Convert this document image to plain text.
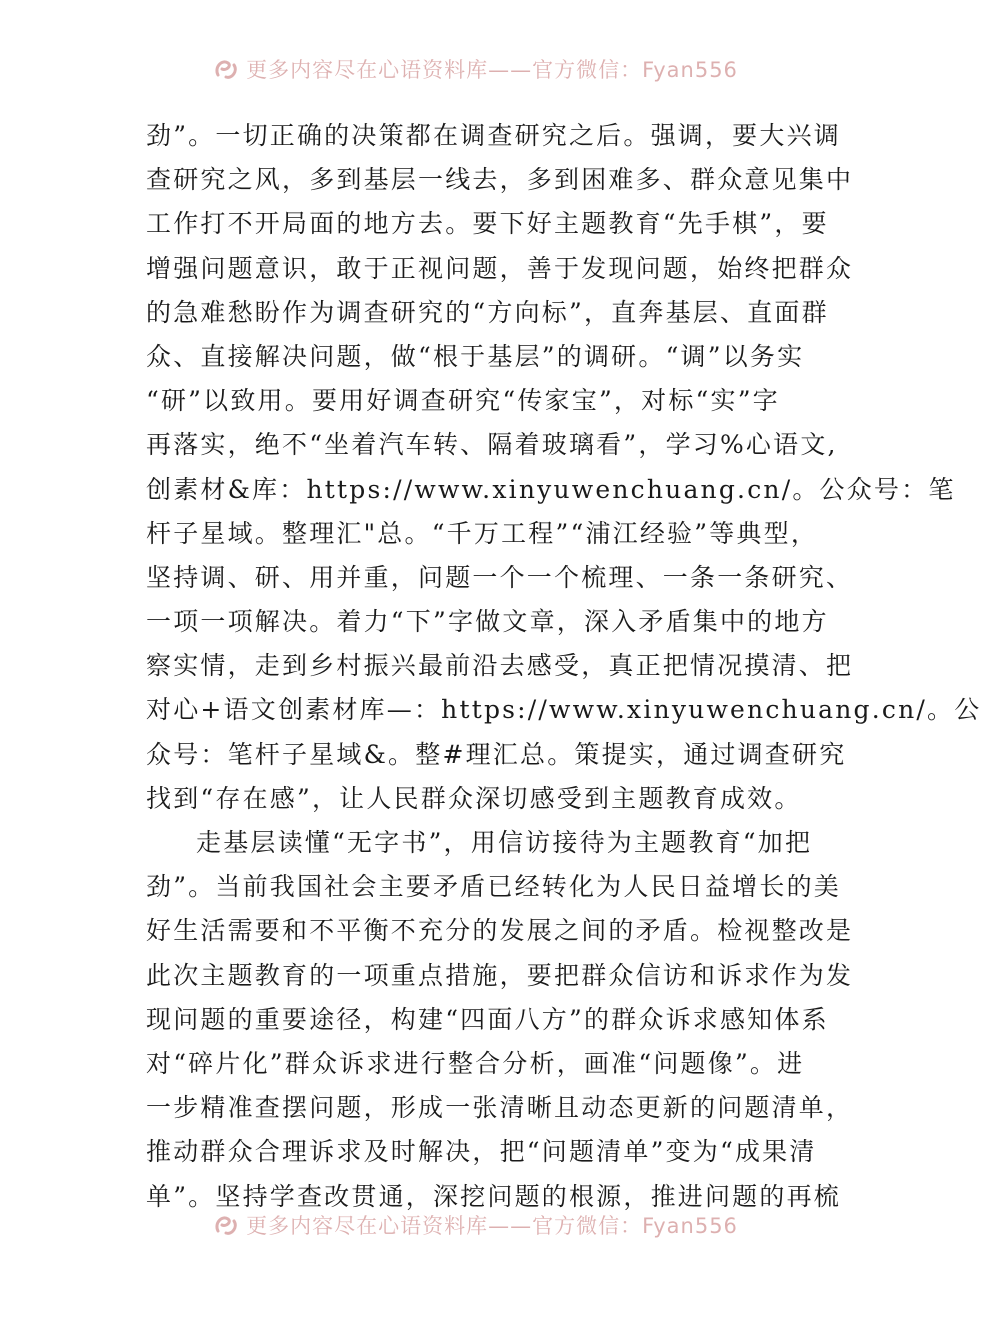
更多内容尽在心语资料库——官方微信：Fyan556
劲”。一切正确的决策都在调查研究之后。强调，要大兴调
查研究之风，多到基层一线去，多到困难多、群众意见集中
工作打不开局面的地方去。要下好主题教育“先手棋”，要
增强问题意识，敢于正视问题，善于发现问题，始终把群众
的急难愁盼作为调查研究的“方向标”，直奔基层、直面群
众、直接解决问题，做“根于基层”的调研。“调”以务实
“研”以致用。要用好调查研究“传家宝”，对标“实”字
再落实，绝不“坐着汽车转、隔着玻璃看”，学习%心语文,
创素材&库：https://www.xinyuwenchuang.cn/。公众号：笔
杆子星域。整理汇"总。“千万工程”“浦江经验”等典型，
坚持调、研、用并重，问题一个一个梳理、一条一条研究、
一项一项解决。着力“下”字做文章，深入矛盾集中的地方
察实情，走到乡村振兴最前沿去感受，真正把情况摸清、把
对心+语文创素材库—：https://www.xinyuwenchuang.cn/。公
众号：笔杆子星域&。整#理汇总。策提实，通过调查研究
找到“存在感”，让人民群众深切感受到主题教育成效。
走基层读懂“无字书”，用信访接待为主题教育“加把
劲”。当前我国社会主要矛盾已经转化为人民日益增长的美
好生活需要和不平衡不充分的发展之间的矛盾。检视整改是
此次主题教育的一项重点措施，要把群众信访和诉求作为发
现问题的重要途径，构建“四面八方”的群众诉求感知体系
对“碎片化”群众诉求进行整合分析，画准“问题像”。进
一步精准查摆问题，形成一张清晰且动态更新的问题清单，
推动群众合理诉求及时解决，把“问题清单”变为“成果清
单”。坚持学查改贯通，深挖问题的根源，推进问题的再梳
更多内容尽在心语资料库——官方微信：Fyan556
